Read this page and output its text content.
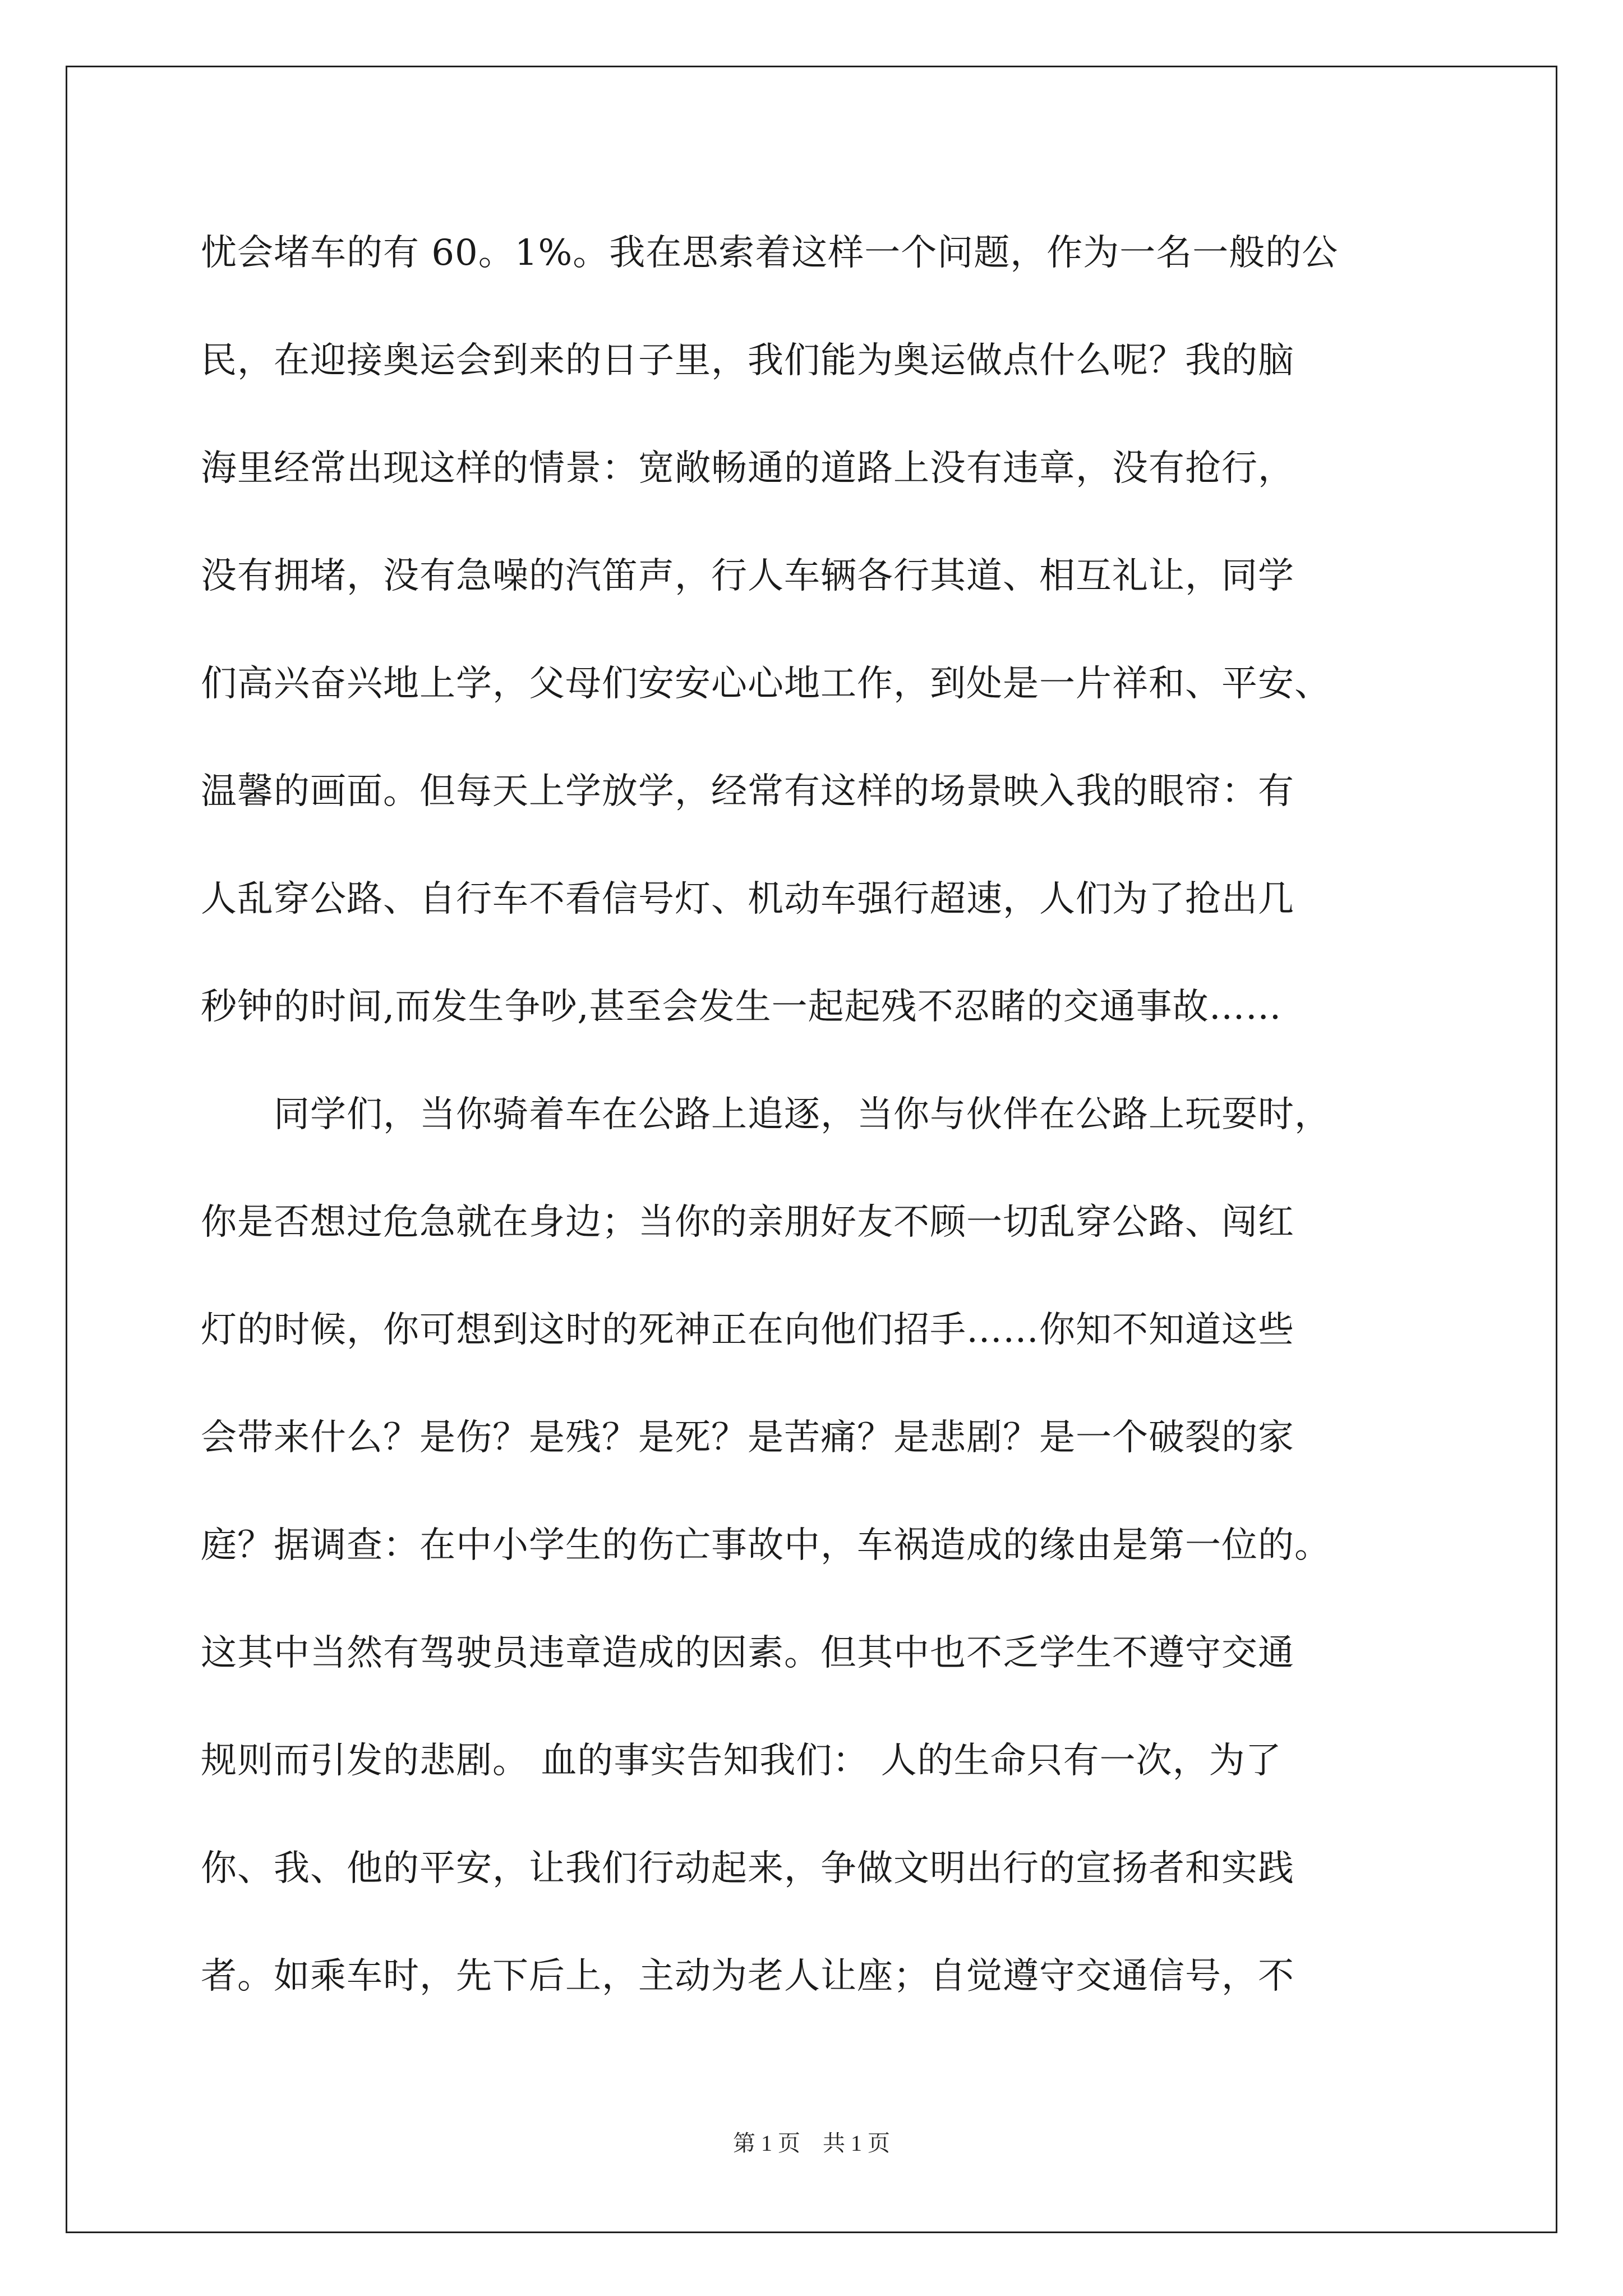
忧会堵车的有 60。1%。我在思索着这样一个问题，作为一名一般的公
民，在迎接奥运会到来的日子里，我们能为奥运做点什么呢？我的脑
海里经常出现这样的情景：宽敞畅通的道路上没有违章，没有抢行，
没有拥堵，没有急噪的汽笛声，行人车辆各行其道、相互礼让，同学
们高兴奋兴地上学，父母们安安心心地工作，到处是一片祥和、平安、
温馨的画面。但每天上学放学，经常有这样的场景映入我的眼帘：有
人乱穿公路、自行车不看信号灯、机动车强行超速，人们为了抢出几
秒钟的时间,而发生争吵,甚至会发生一起起残不忍睹的交通事故……
　　同学们，当你骑着车在公路上追逐，当你与伙伴在公路上玩耍时，
你是否想过危急就在身边；当你的亲朋好友不顾一切乱穿公路、闯红
灯的时候，你可想到这时的死神正在向他们招手……你知不知道这些
会带来什么？是伤？是残？是死？是苦痛？是悲剧？是一个破裂的家
庭？据调查：在中小学生的伤亡事故中，车祸造成的缘由是第一位的。
这其中当然有驾驶员违章造成的因素。但其中也不乏学生不遵守交通
规则而引发的悲剧。 血的事实告知我们： 人的生命只有一次，为了
你、我、他的平安，让我们行动起来，争做文明出行的宣扬者和实践
者。如乘车时，先下后上，主动为老人让座；自觉遵守交通信号，不
第 1 页　共 1 页
